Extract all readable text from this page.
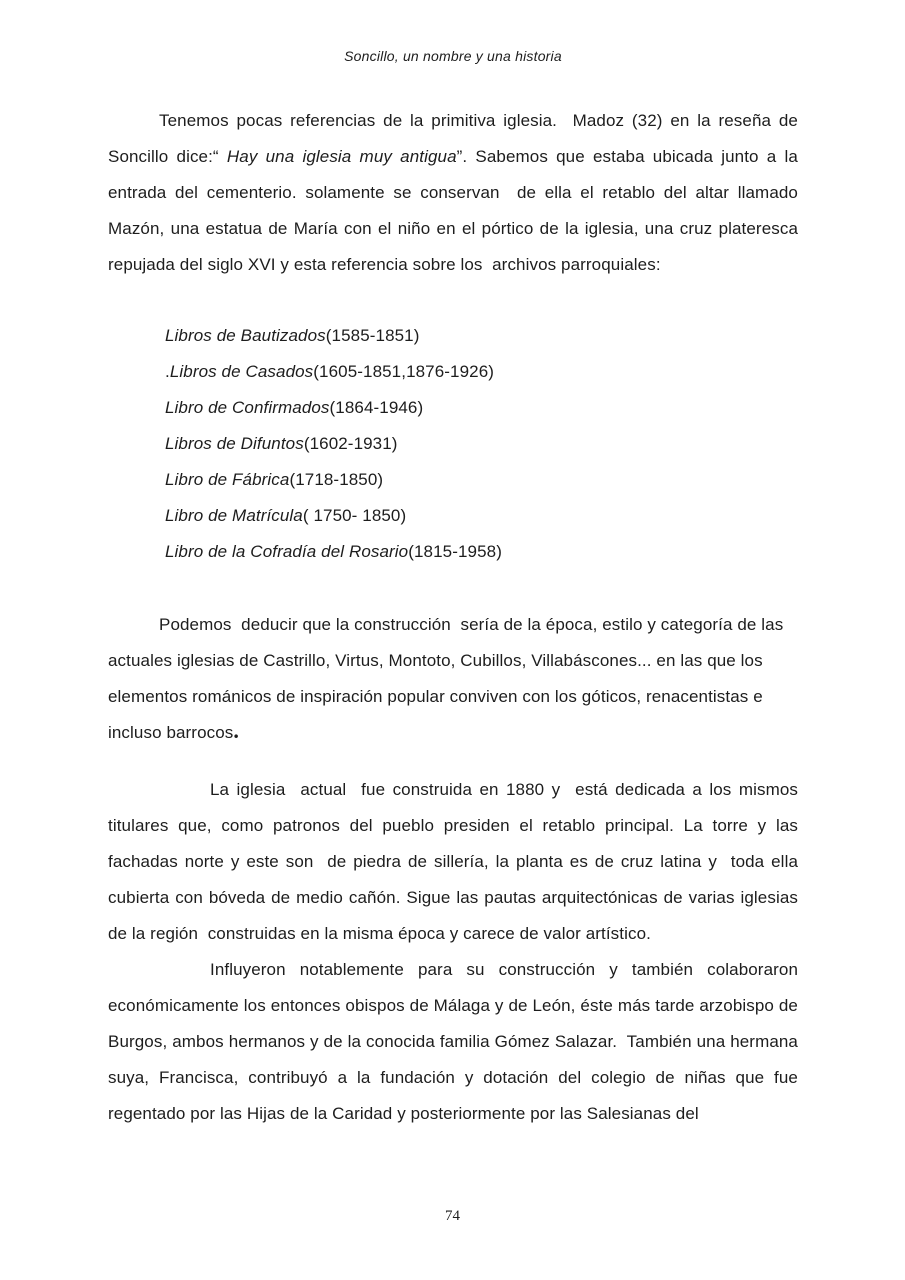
Soncillo, un nombre y una historia

Tenemos pocas referencias de la primitiva iglesia.  Madoz (32) en la reseña de Soncillo dice:“ Hay una iglesia muy antigua”. Sabemos que estaba ubicada junto a la entrada del cementerio. solamente se conservan  de ella el retablo del altar llamado Mazón, una estatua de María con el niño en el pórtico de la iglesia, una cruz plateresca repujada del siglo XVI y esta referencia sobre los  archivos parroquiales:

Libros de Bautizados(1585-1851)
.Libros de Casados(1605-1851,1876-1926)
Libro de Confirmados(1864-1946)
Libros de Difuntos(1602-1931)
Libro de Fábrica(1718-1850)
Libro de Matrícula( 1750- 1850)
Libro de la Cofradía del Rosario(1815-1958)

Podemos  deducir que la construcción  sería de la época, estilo y categoría de las actuales iglesias de Castrillo, Virtus, Montoto, Cubillos, Villabáscones... en las que los elementos románicos de inspiración popular conviven con los góticos, renacentistas e incluso barrocos.

La iglesia  actual  fue construida en 1880 y  está dedicada a los mismos titulares que, como patronos del pueblo presiden el retablo principal. La torre y las fachadas norte y este son  de piedra de sillería, la planta es de cruz latina y  toda ella cubierta con bóveda de medio cañón. Sigue las pautas arquitectónicas de varias iglesias de la región  construidas en la misma época y carece de valor artístico.

Influyeron notablemente para su construcción y también colaboraron económicamente los entonces obispos de Málaga y de León, éste más tarde arzobispo de Burgos, ambos hermanos y de la conocida familia Gómez Salazar.  También una hermana suya, Francisca, contribuyó a la fundación y dotación del colegio de niñas que fue regentado por las Hijas de la Caridad y posteriormente por las Salesianas del

74
